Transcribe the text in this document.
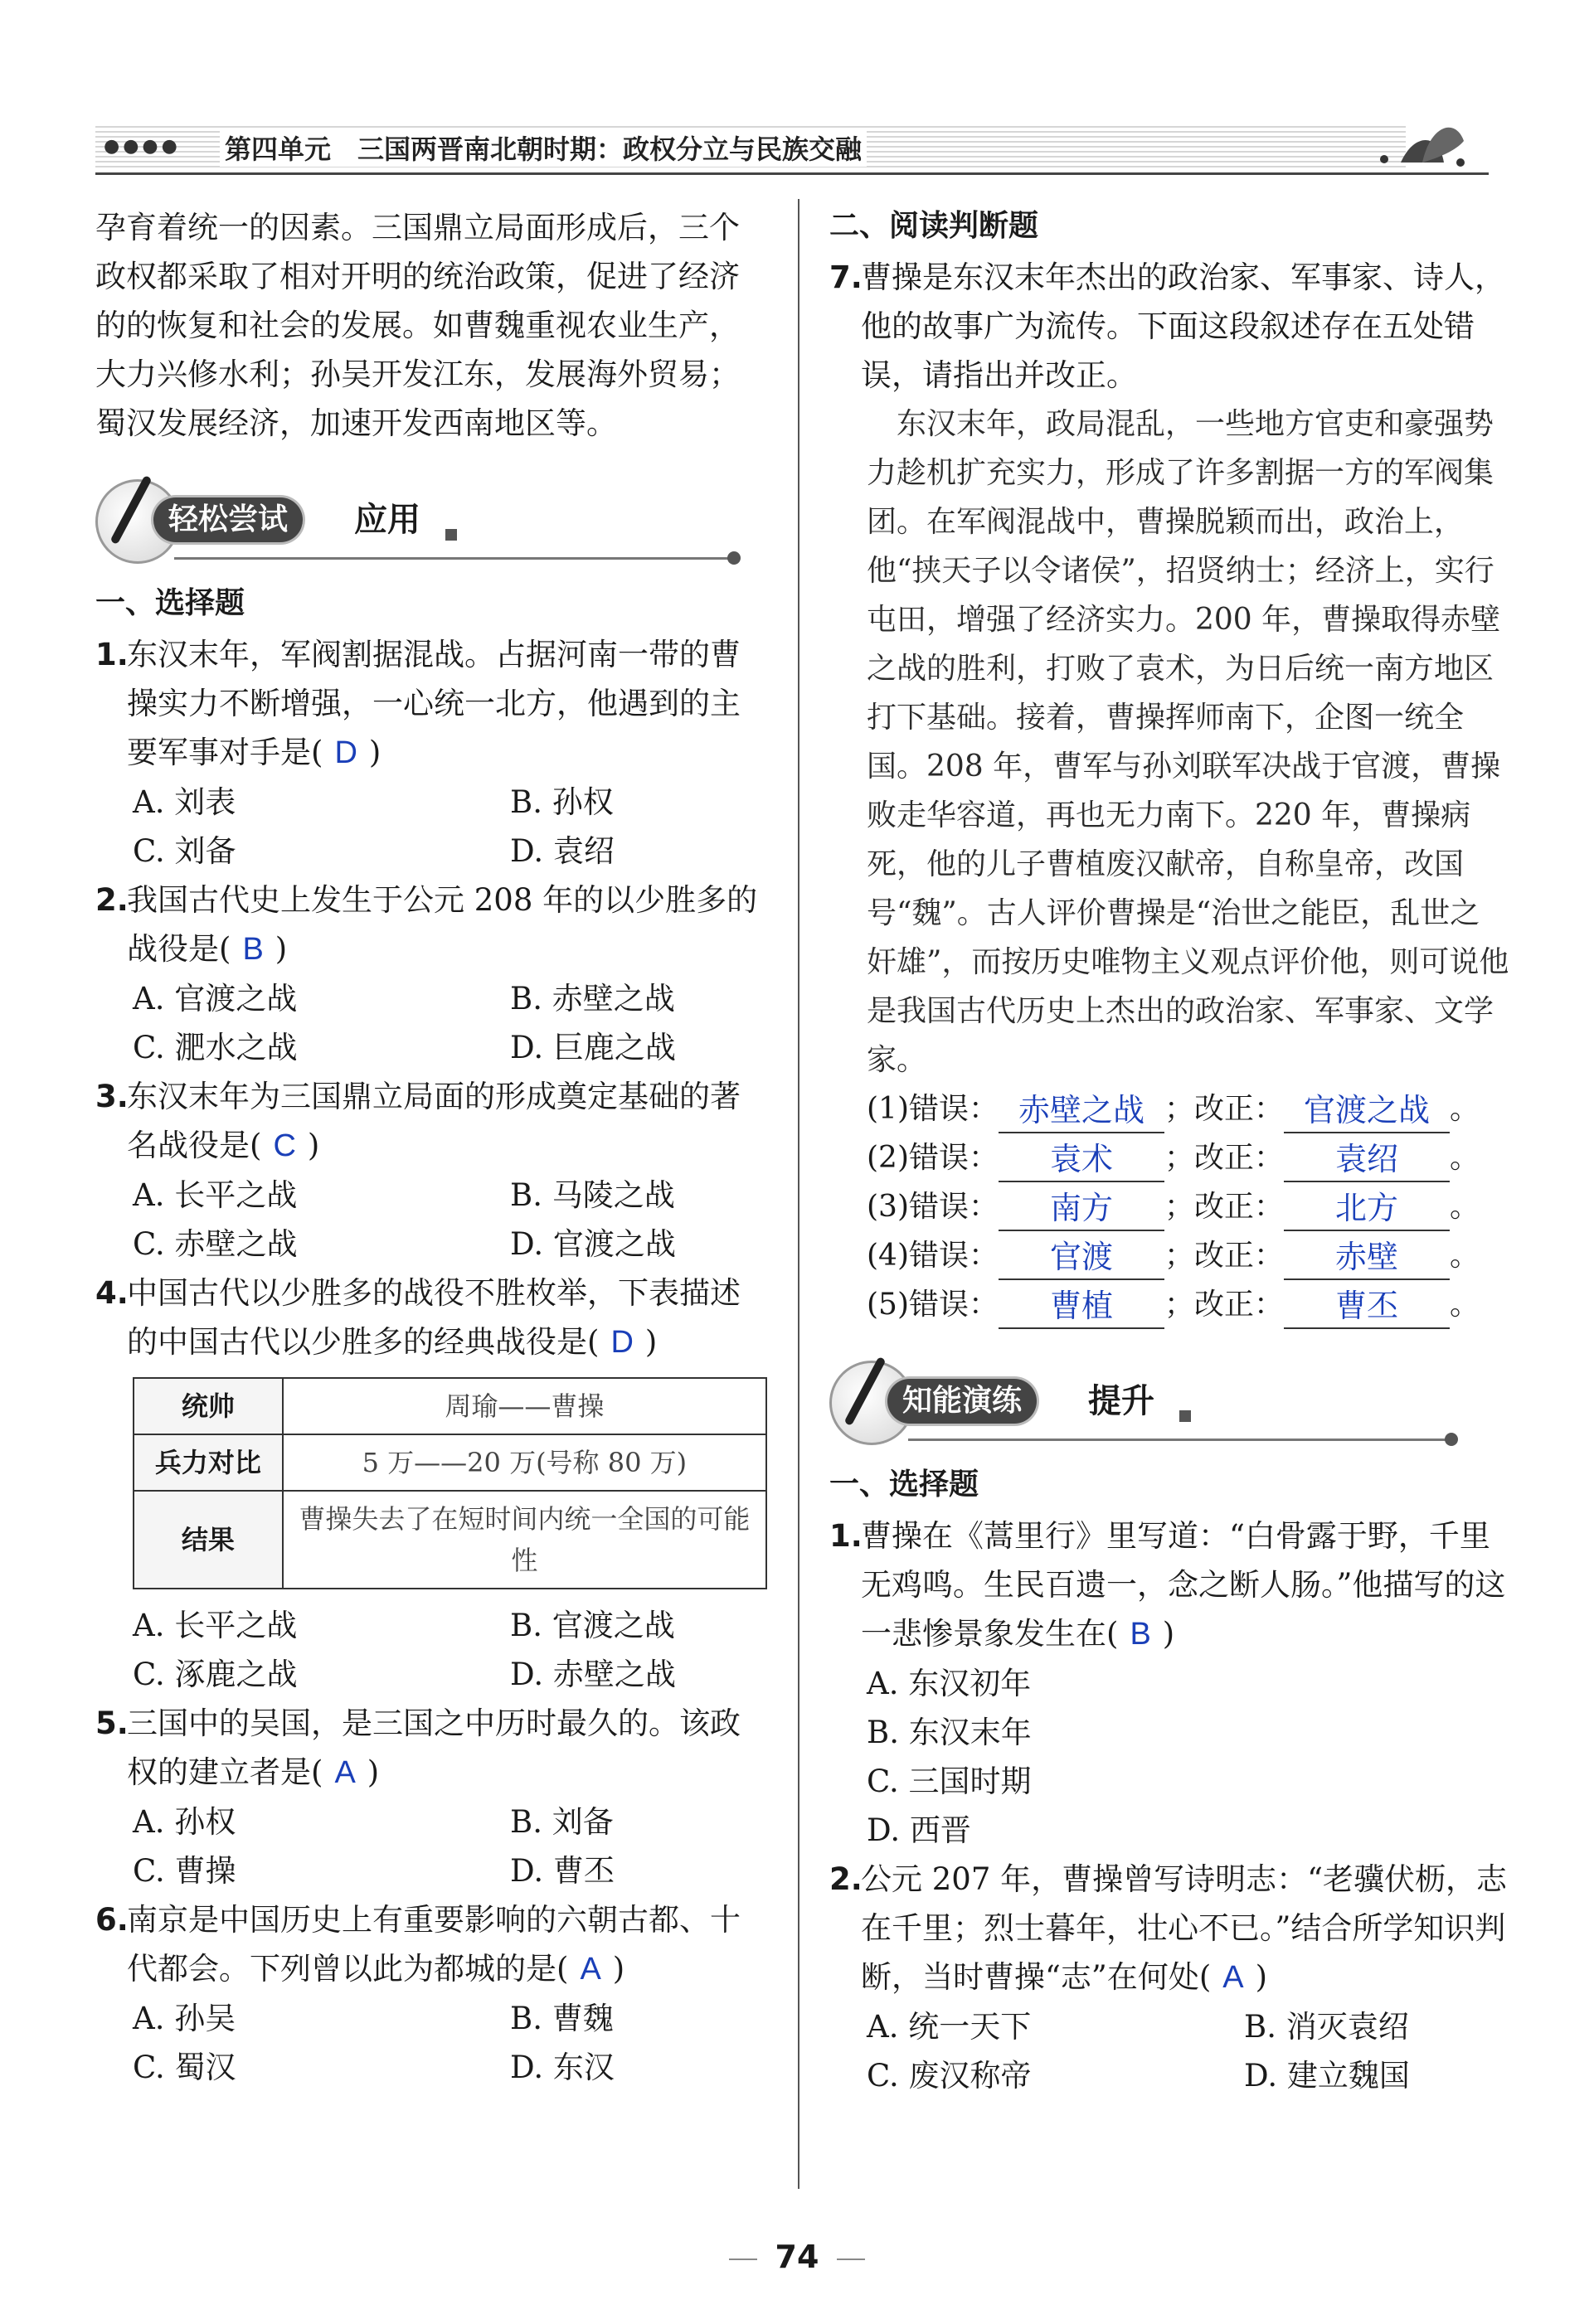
●●●● 第四单元　三国两晋南北朝时期：政权分立与民族交融

孕育着统一的因素。三国鼎立局面形成后，三个政权都采取了相对开明的统治政策，促进了经济的的恢复和社会的发展。如曹魏重视农业生产，大力兴修水利；孙吴开发江东，发展海外贸易；蜀汉发展经济，加速开发西南地区等。

轻松尝试	应用
一、选择题
1.
东汉末年，军阀割据混战。占据河南一带的曹操实力不断增强，一心统一北方，他遇到的主要军事对手是( D )
A. 刘表	B. 孙权
C. 刘备	D. 袁绍
2.
我国古代史上发生于公元 208 年的以少胜多的战役是( B )
A. 官渡之战	B. 赤壁之战
C. 淝水之战	D. 巨鹿之战
3.
东汉末年为三国鼎立局面的形成奠定基础的著名战役是( C )
A. 长平之战	B. 马陵之战
C. 赤壁之战	D. 官渡之战
4.
中国古代以少胜多的战役不胜枚举，下表描述的中国古代以少胜多的经典战役是( D )
统帅	周瑜——曹操
兵力对比	5 万——20 万(号称 80 万)
结果	曹操失去了在短时间内统一全国的可能性
A. 长平之战	B. 官渡之战
C. 涿鹿之战	D. 赤壁之战
5.
三国中的吴国，是三国之中历时最久的。该政权的建立者是( A )
A. 孙权	B. 刘备
C. 曹操	D. 曹丕
6.
南京是中国历史上有重要影响的六朝古都、十代都会。下列曾以此为都城的是( A )
A. 孙吴	B. 曹魏
C. 蜀汉	D. 东汉
二、阅读判断题
7.
曹操是东汉末年杰出的政治家、军事家、诗人，他的故事广为流传。下面这段叙述存在五处错误，请指出并改正。

东汉末年，政局混乱，一些地方官吏和豪强势力趁机扩充实力，形成了许多割据一方的军阀集团。在军阀混战中，曹操脱颖而出，政治上，他“挟天子以令诸侯”，招贤纳士；经济上，实行屯田，增强了经济实力。200 年，曹操取得赤壁之战的胜利，打败了袁术，为日后统一南方地区打下基础。接着，曹操挥师南下，企图一统全国。208 年，曹军与孙刘联军决战于官渡，曹操败走华容道，再也无力南下。220 年，曹操病死，他的儿子曹植废汉献帝，自称皇帝，改国号“魏”。古人评价曹操是“治世之能臣，乱世之奸雄”，而按历史唯物主义观点评价他，则可说他是我国古代历史上杰出的政治家、军事家、文学家。

(1) 错误： 赤壁之战 ；改正： 官渡之战 。
(2) 错误：	袁术	；改正：	袁绍	。
(3) 错误：	南方	；改正：	北方	。
(4) 错误：	官渡	；改正：	赤壁	。
(5) 错误：	曹植	；改正：	曹丕	。
知能演练	提升
一、选择题
1.
曹操在《蒿里行》里写道：“白骨露于野，千里无鸡鸣。生民百遗一，念之断人肠。”他描写的这一悲惨景象发生在( B )
A. 东汉初年
B. 东汉末年
C. 三国时期
D. 西晋
2.
公元 207 年，曹操曾写诗明志：“老骥伏枥，志在千里；烈士暮年，壮心不已。”结合所学知识判断，当时曹操“志”在何处( A )
A. 统一天下	B. 消灭袁绍
C. 废汉称帝	D. 建立魏国
74
